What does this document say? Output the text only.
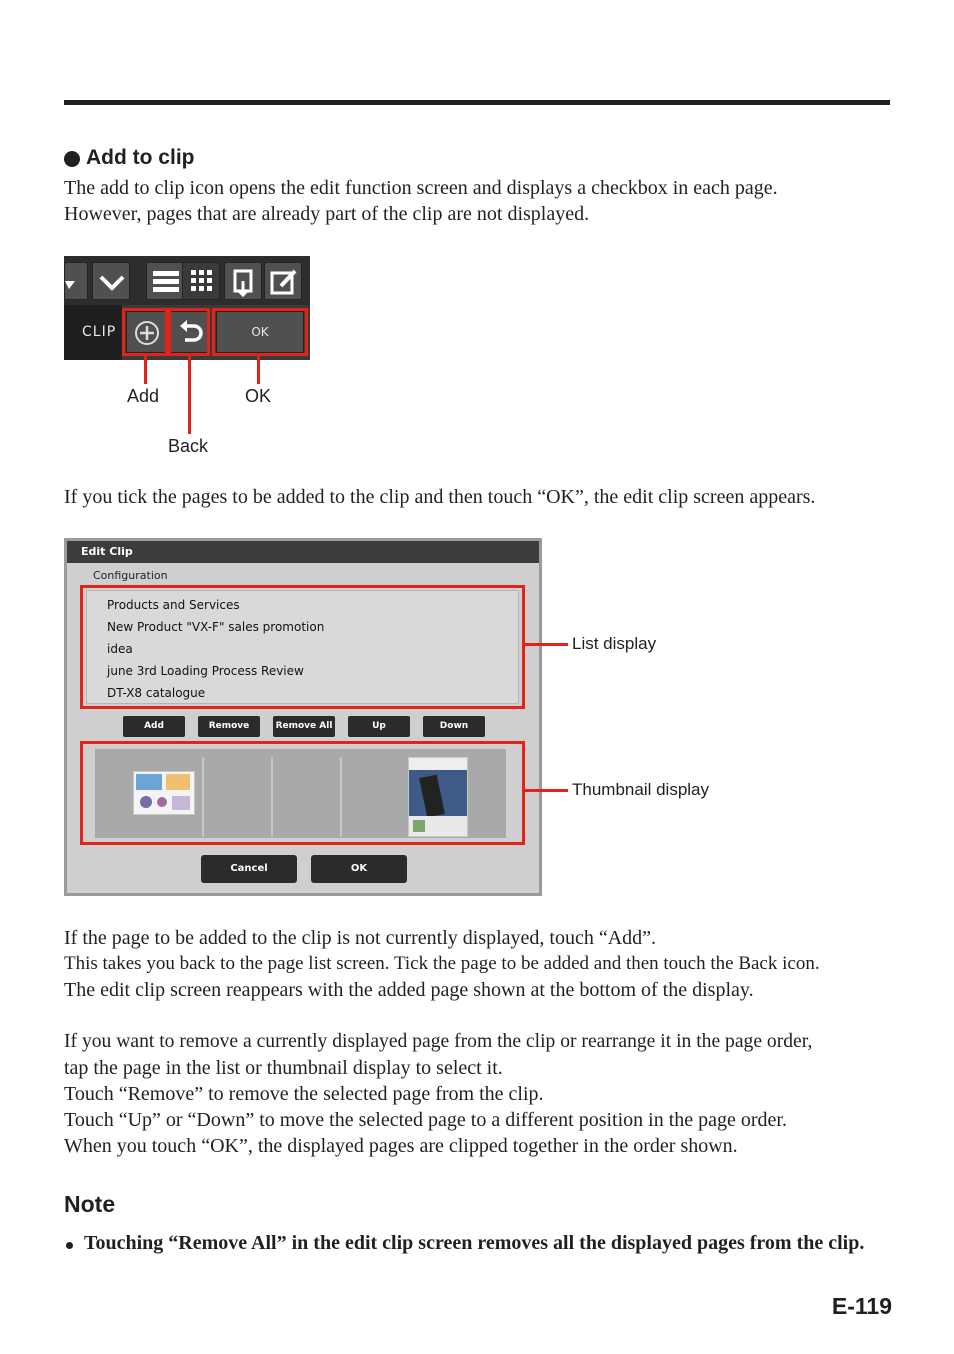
Add to clip
The add to clip icon opens the edit function screen and displays a checkbox in each page.
However, pages that are already part of the clip are not displayed.
CLIP	OK
Add	OK
Back
If you tick the pages to be added to the clip and then touch “OK”, the edit clip screen appears.
Edit Clip
Configuration
Products and Services
New Product "VX-F" sales promotion
idea
june 3rd Loading Process Review
DT-X8 catalogue
Add	Remove	Remove All	Up	Down
Cancel	OK
List display
Thumbnail display
If the page to be added to the clip is not currently displayed, touch “Add”.
This takes you back to the page list screen. Tick the page to be added and then touch the Back icon.
The edit clip screen reappears with the added page shown at the bottom of the display.
If you want to remove a currently displayed page from the clip or rearrange it in the page order,
tap the page in the list or thumbnail display to select it.
Touch “Remove” to remove the selected page from the clip.
Touch “Up” or “Down” to move the selected page to a different position in the page order.
When you touch “OK”, the displayed pages are clipped together in the order shown.
Note
Touching “Remove All” in the edit clip screen removes all the displayed pages from the clip.
E-119
